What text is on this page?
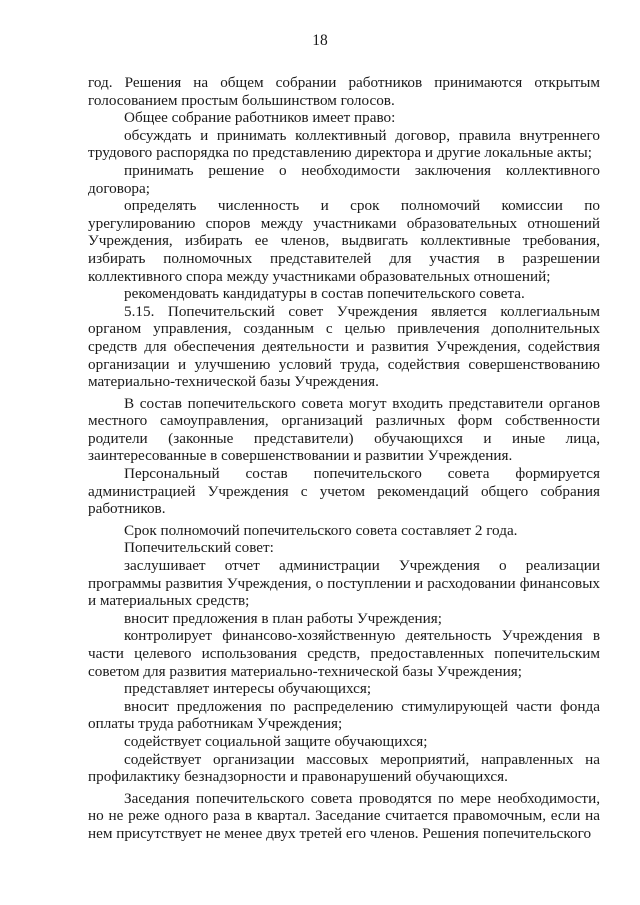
18

год. Решения на общем собрании работников принимаются открытым голосованием простым большинством голосов.

Общее собрание работников имеет право:

обсуждать и принимать коллективный договор, правила внутреннего трудового распорядка по представлению директора и другие локальные акты;

принимать решение о необходимости заключения коллективного договора;

определять численность и срок полномочий комиссии по урегулированию споров между участниками образовательных отношений Учреждения, избирать ее членов, выдвигать коллективные требования, избирать полномочных представителей для участия в разрешении коллективного спора между участниками образовательных отношений;

рекомендовать кандидатуры в состав попечительского совета.

5.15. Попечительский совет Учреждения является коллегиальным органом управления, созданным с целью привлечения дополнительных средств для обеспечения деятельности и развития Учреждения, содействия организации и улучшению условий труда, содействия совершенствованию материально-технической базы Учреждения.

В состав попечительского совета могут входить представители органов местного самоуправления, организаций различных форм собственности родители (законные представители) обучающихся и иные лица, заинтересованные в совершенствовании и развитии Учреждения.

Персональный состав попечительского совета формируется администрацией Учреждения с учетом рекомендаций общего собрания работников.

Срок полномочий попечительского совета составляет 2 года.

Попечительский совет:

заслушивает отчет администрации Учреждения о реализации программы развития Учреждения, о поступлении и расходовании финансовых и материальных средств;

вносит предложения в план работы Учреждения;

контролирует финансово-хозяйственную деятельность Учреждения в части целевого использования средств, предоставленных попечительским советом для развития материально-технической базы Учреждения;

представляет интересы обучающихся;

вносит предложения по распределению стимулирующей части фонда оплаты труда работникам Учреждения;

содействует социальной защите обучающихся;

содействует организации массовых мероприятий, направленных на профилактику безнадзорности и правонарушений обучающихся.

Заседания попечительского совета проводятся по мере необходимости, но не реже одного раза в квартал. Заседание считается правомочным, если на нем присутствует не менее двух третей его членов. Решения попечительского
